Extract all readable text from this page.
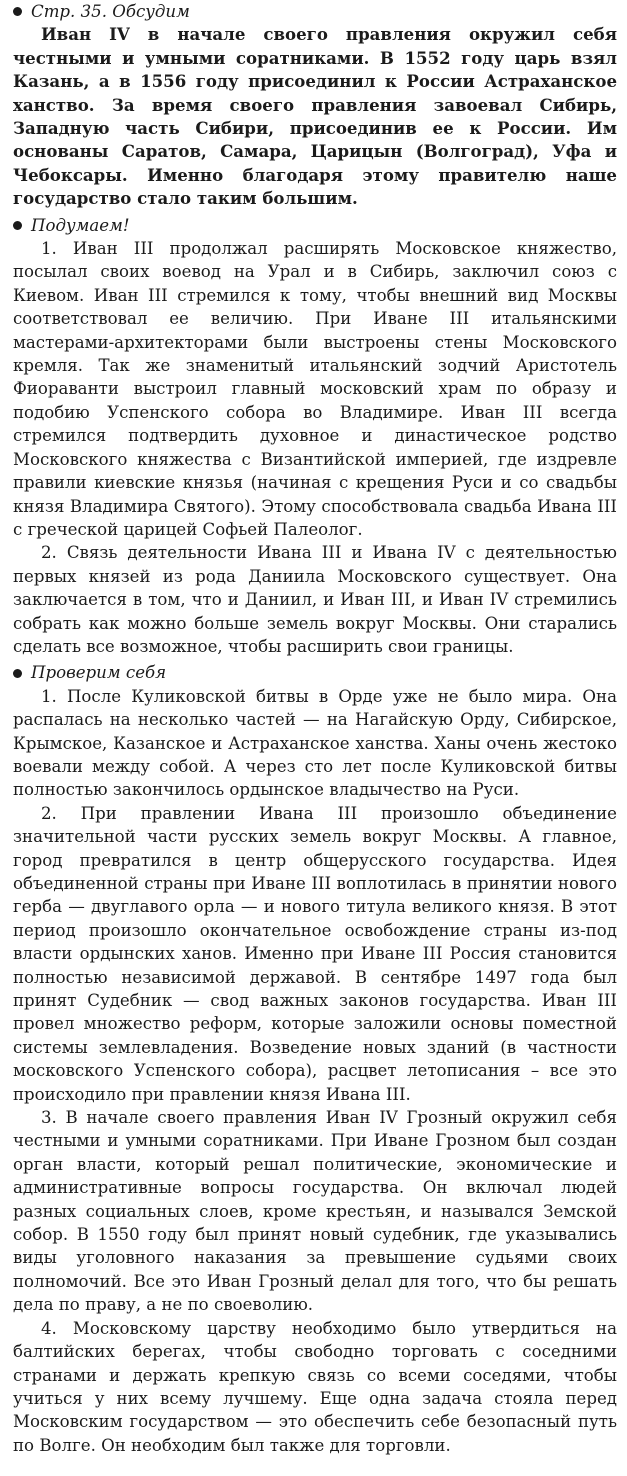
Стр. 35. Обсудим

Иван IV в начале своего правления окружил себя честными и умными соратниками. В 1552 году царь взял Казань, а в 1556 году присоединил к России Астраханское ханство. За время своего правления завоевал Сибирь, Западную часть Сибири, присоединив ее к России. Им основаны Саратов, Самара, Царицын (Волгоград), Уфа и Чебоксары. Именно благодаря этому правителю наше государство стало таким большим.

Подумаем!

1. Иван III продолжал расширять Московское княжество, посылал своих воевод на Урал и в Сибирь, заключил союз с Киевом. Иван III стремился к тому, чтобы внешний вид Москвы соответствовал ее величию. При Иване III итальянскими мастерами-архитекторами были выстроены стены Московского кремля. Так же знаменитый итальянский зодчий Аристотель Фиораванти выстроил главный московский храм по образу и подобию Успенского собора во Владимире. Иван III всегда стремился подтвердить духовное и династическое родство Московского княжества с Византийской империей, где издревле правили киевские князья (начиная с крещения Руси и со свадьбы князя Владимира Святого). Этому способствовала свадьба Ивана III с греческой царицей Софьей Палеолог.

2. Связь деятельности Ивана III и Ивана IV с деятельностью первых князей из рода Даниила Московского существует. Она заключается в том, что и Даниил, и Иван III, и Иван IV стремились собрать как можно больше земель вокруг Москвы. Они старались сделать все возможное, чтобы расширить свои границы.

Проверим себя

1. После Куликовской битвы в Орде уже не было мира. Она распалась на несколько частей — на Нагайскую Орду, Сибирское, Крымское, Казанское и Астраханское ханства. Ханы очень жестоко воевали между собой. А через сто лет после Куликовской битвы полностью закончилось ордынское владычество на Руси.

2. При правлении Ивана III произошло объединение значительной части русских земель вокруг Москвы. А главное, город превратился в центр общерусского государства. Идея объединенной страны при Иване III воплотилась в принятии нового герба — двуглавого орла — и нового титула великого князя. В этот период произошло окончательное освобождение страны из-под власти ордынских ханов. Именно при Иване III Россия становится полностью независимой державой. В сентябре 1497 года был принят Судебник — свод важных законов государства. Иван III провел множество реформ, которые заложили основы поместной системы землевладения. Возведение новых зданий (в частности московского Успенского собора), расцвет летописания – все это происходило при правлении князя Ивана III.

3. В начале своего правления Иван IV Грозный окружил себя честными и умными соратниками. При Иване Грозном был создан орган власти, который решал политические, экономические и административные вопросы государства. Он включал людей разных социальных слоев, кроме крестьян, и назывался Земской собор. В 1550 году был принят новый судебник, где указывались виды уголовного наказания за превышение судьями своих полномочий. Все это Иван Грозный делал для того, что бы решать дела по праву, а не по своеволию.

4. Московскому царству необходимо было утвердиться на балтийских берегах, чтобы свободно торговать с соседними странами и держать крепкую связь со всеми соседями, чтобы учиться у них всему лучшему. Еще одна задача стояла перед Московским государством — это обеспечить себе безопасный путь по Волге. Он необходим был также для торговли.
